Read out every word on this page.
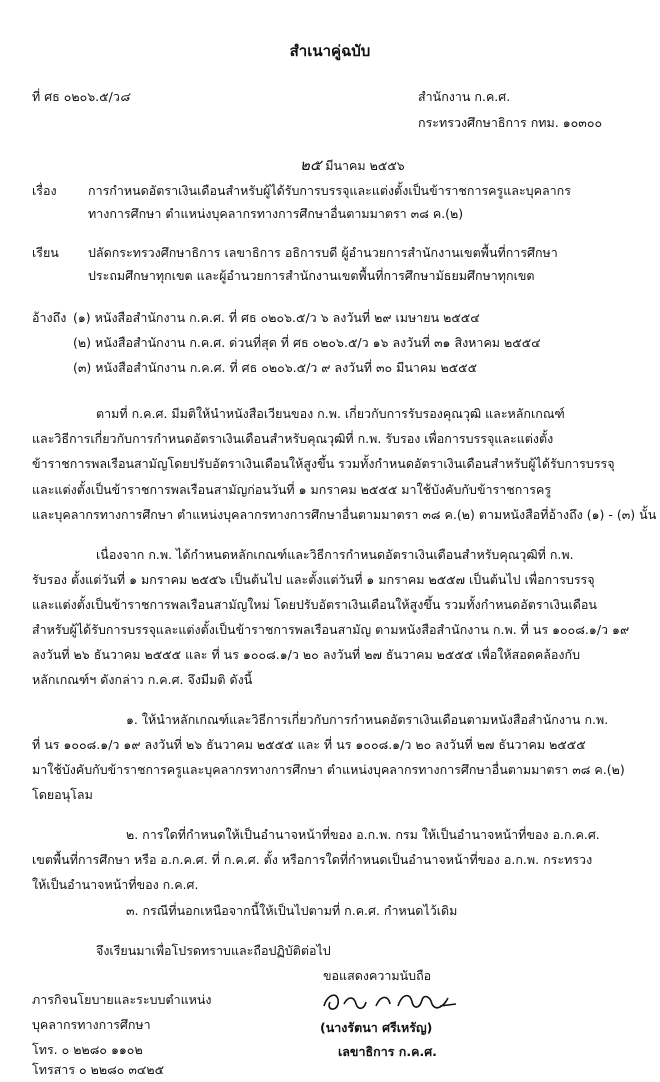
สำเนาคู่ฉบับ
ที่ ศธ ๐๒๐๖.๕/ว๘	สำนักงาน ก.ค.ศ.
กระทรวงศึกษาธิการ กทม. ๑๐๓๐๐
๒๕ มีนาคม ๒๕๕๖
เรื่อง	การกำหนดอัตราเงินเดือนสำหรับผู้ได้รับการบรรจุและแต่งตั้งเป็นข้าราชการครูและบุคลากร
ทางการศึกษา ตำแหน่งบุคลากรทางการศึกษาอื่นตามมาตรา ๓๘ ค.(๒)
เรียน ปลัดกระทรวงศึกษาธิการ เลขาธิการ อธิการบดี ผู้อำนวยการสำนักงานเขตพื้นที่การศึกษา
ประถมศึกษาทุกเขต และผู้อำนวยการสำนักงานเขตพื้นที่การศึกษามัธยมศึกษาทุกเขต
อ้างถึง (๑) หนังสือสำนักงาน ก.ค.ศ. ที่ ศธ ๐๒๐๖.๕/ว ๖ ลงวันที่ ๒๙ เมษายน ๒๕๕๔
(๒) หนังสือสำนักงาน ก.ค.ศ. ด่วนที่สุด ที่ ศธ ๐๒๐๖.๕/ว ๑๖ ลงวันที่ ๓๑ สิงหาคม ๒๕๕๔
(๓) หนังสือสำนักงาน ก.ค.ศ. ที่ ศธ ๐๒๐๖.๕/ว ๙ ลงวันที่ ๓๐ มีนาคม ๒๕๕๕
ตามที่ ก.ค.ศ. มีมติให้นำหนังสือเวียนของ ก.พ. เกี่ยวกับการรับรองคุณวุฒิ และหลักเกณฑ์
และวิธีการเกี่ยวกับการกำหนดอัตราเงินเดือนสำหรับคุณวุฒิที่ ก.พ. รับรอง เพื่อการบรรจุและแต่งตั้ง
ข้าราชการพลเรือนสามัญโดยปรับอัตราเงินเดือนให้สูงขึ้น รวมทั้งกำหนดอัตราเงินเดือนสำหรับผู้ได้รับการบรรจุ
และแต่งตั้งเป็นข้าราชการพลเรือนสามัญก่อนวันที่ ๑ มกราคม ๒๕๕๕ มาใช้บังคับกับข้าราชการครู
และบุคลากรทางการศึกษา ตำแหน่งบุคลากรทางการศึกษาอื่นตามมาตรา ๓๘ ค.(๒) ตามหนังสือที่อ้างถึง (๑) - (๓) นั้น
เนื่องจาก ก.พ. ได้กำหนดหลักเกณฑ์และวิธีการกำหนดอัตราเงินเดือนสำหรับคุณวุฒิที่ ก.พ.
รับรอง ตั้งแต่วันที่ ๑ มกราคม ๒๕๕๖ เป็นต้นไป และตั้งแต่วันที่ ๑ มกราคม ๒๕๕๗ เป็นต้นไป เพื่อการบรรจุ
และแต่งตั้งเป็นข้าราชการพลเรือนสามัญใหม่ โดยปรับอัตราเงินเดือนให้สูงขึ้น รวมทั้งกำหนดอัตราเงินเดือน
สำหรับผู้ได้รับการบรรจุและแต่งตั้งเป็นข้าราชการพลเรือนสามัญ ตามหนังสือสำนักงาน ก.พ. ที่ นร ๑๐๐๘.๑/ว ๑๙
ลงวันที่ ๒๖ ธันวาคม ๒๕๕๕ และ ที่ นร ๑๐๐๘.๑/ว ๒๐ ลงวันที่ ๒๗ ธันวาคม ๒๕๕๕ เพื่อให้สอดคล้องกับ
หลักเกณฑ์ฯ ดังกล่าว ก.ค.ศ. จึงมีมติ ดังนี้
๑. ให้นำหลักเกณฑ์และวิธีการเกี่ยวกับการกำหนดอัตราเงินเดือนตามหนังสือสำนักงาน ก.พ.
ที่ นร ๑๐๐๘.๑/ว ๑๙ ลงวันที่ ๒๖ ธันวาคม ๒๕๕๕ และ ที่ นร ๑๐๐๘.๑/ว ๒๐ ลงวันที่ ๒๗ ธันวาคม ๒๕๕๕
มาใช้บังคับกับข้าราชการครูและบุคลากรทางการศึกษา ตำแหน่งบุคลากรทางการศึกษาอื่นตามมาตรา ๓๘ ค.(๒)
โดยอนุโลม
๒. การใดที่กำหนดให้เป็นอำนาจหน้าที่ของ อ.ก.พ. กรม ให้เป็นอำนาจหน้าที่ของ อ.ก.ค.ศ.
เขตพื้นที่การศึกษา หรือ อ.ก.ค.ศ. ที่ ก.ค.ศ. ตั้ง หรือการใดที่กำหนดเป็นอำนาจหน้าที่ของ อ.ก.พ. กระทรวง
ให้เป็นอำนาจหน้าที่ของ ก.ค.ศ.
๓. กรณีที่นอกเหนือจากนี้ให้เป็นไปตามที่ ก.ค.ศ. กำหนดไว้เดิม
จึงเรียนมาเพื่อโปรดทราบและถือปฏิบัติต่อไป
ขอแสดงความนับถือ
(นางรัตนา ศรีเหรัญ)
เลขาธิการ ก.ค.ศ.
ภารกิจนโยบายและระบบตำแหน่ง
บุคลากรทางการศึกษา
โทร. ๐ ๒๒๘๐ ๑๑๐๒
โทรสาร ๐ ๒๒๘๐ ๓๔๒๕
